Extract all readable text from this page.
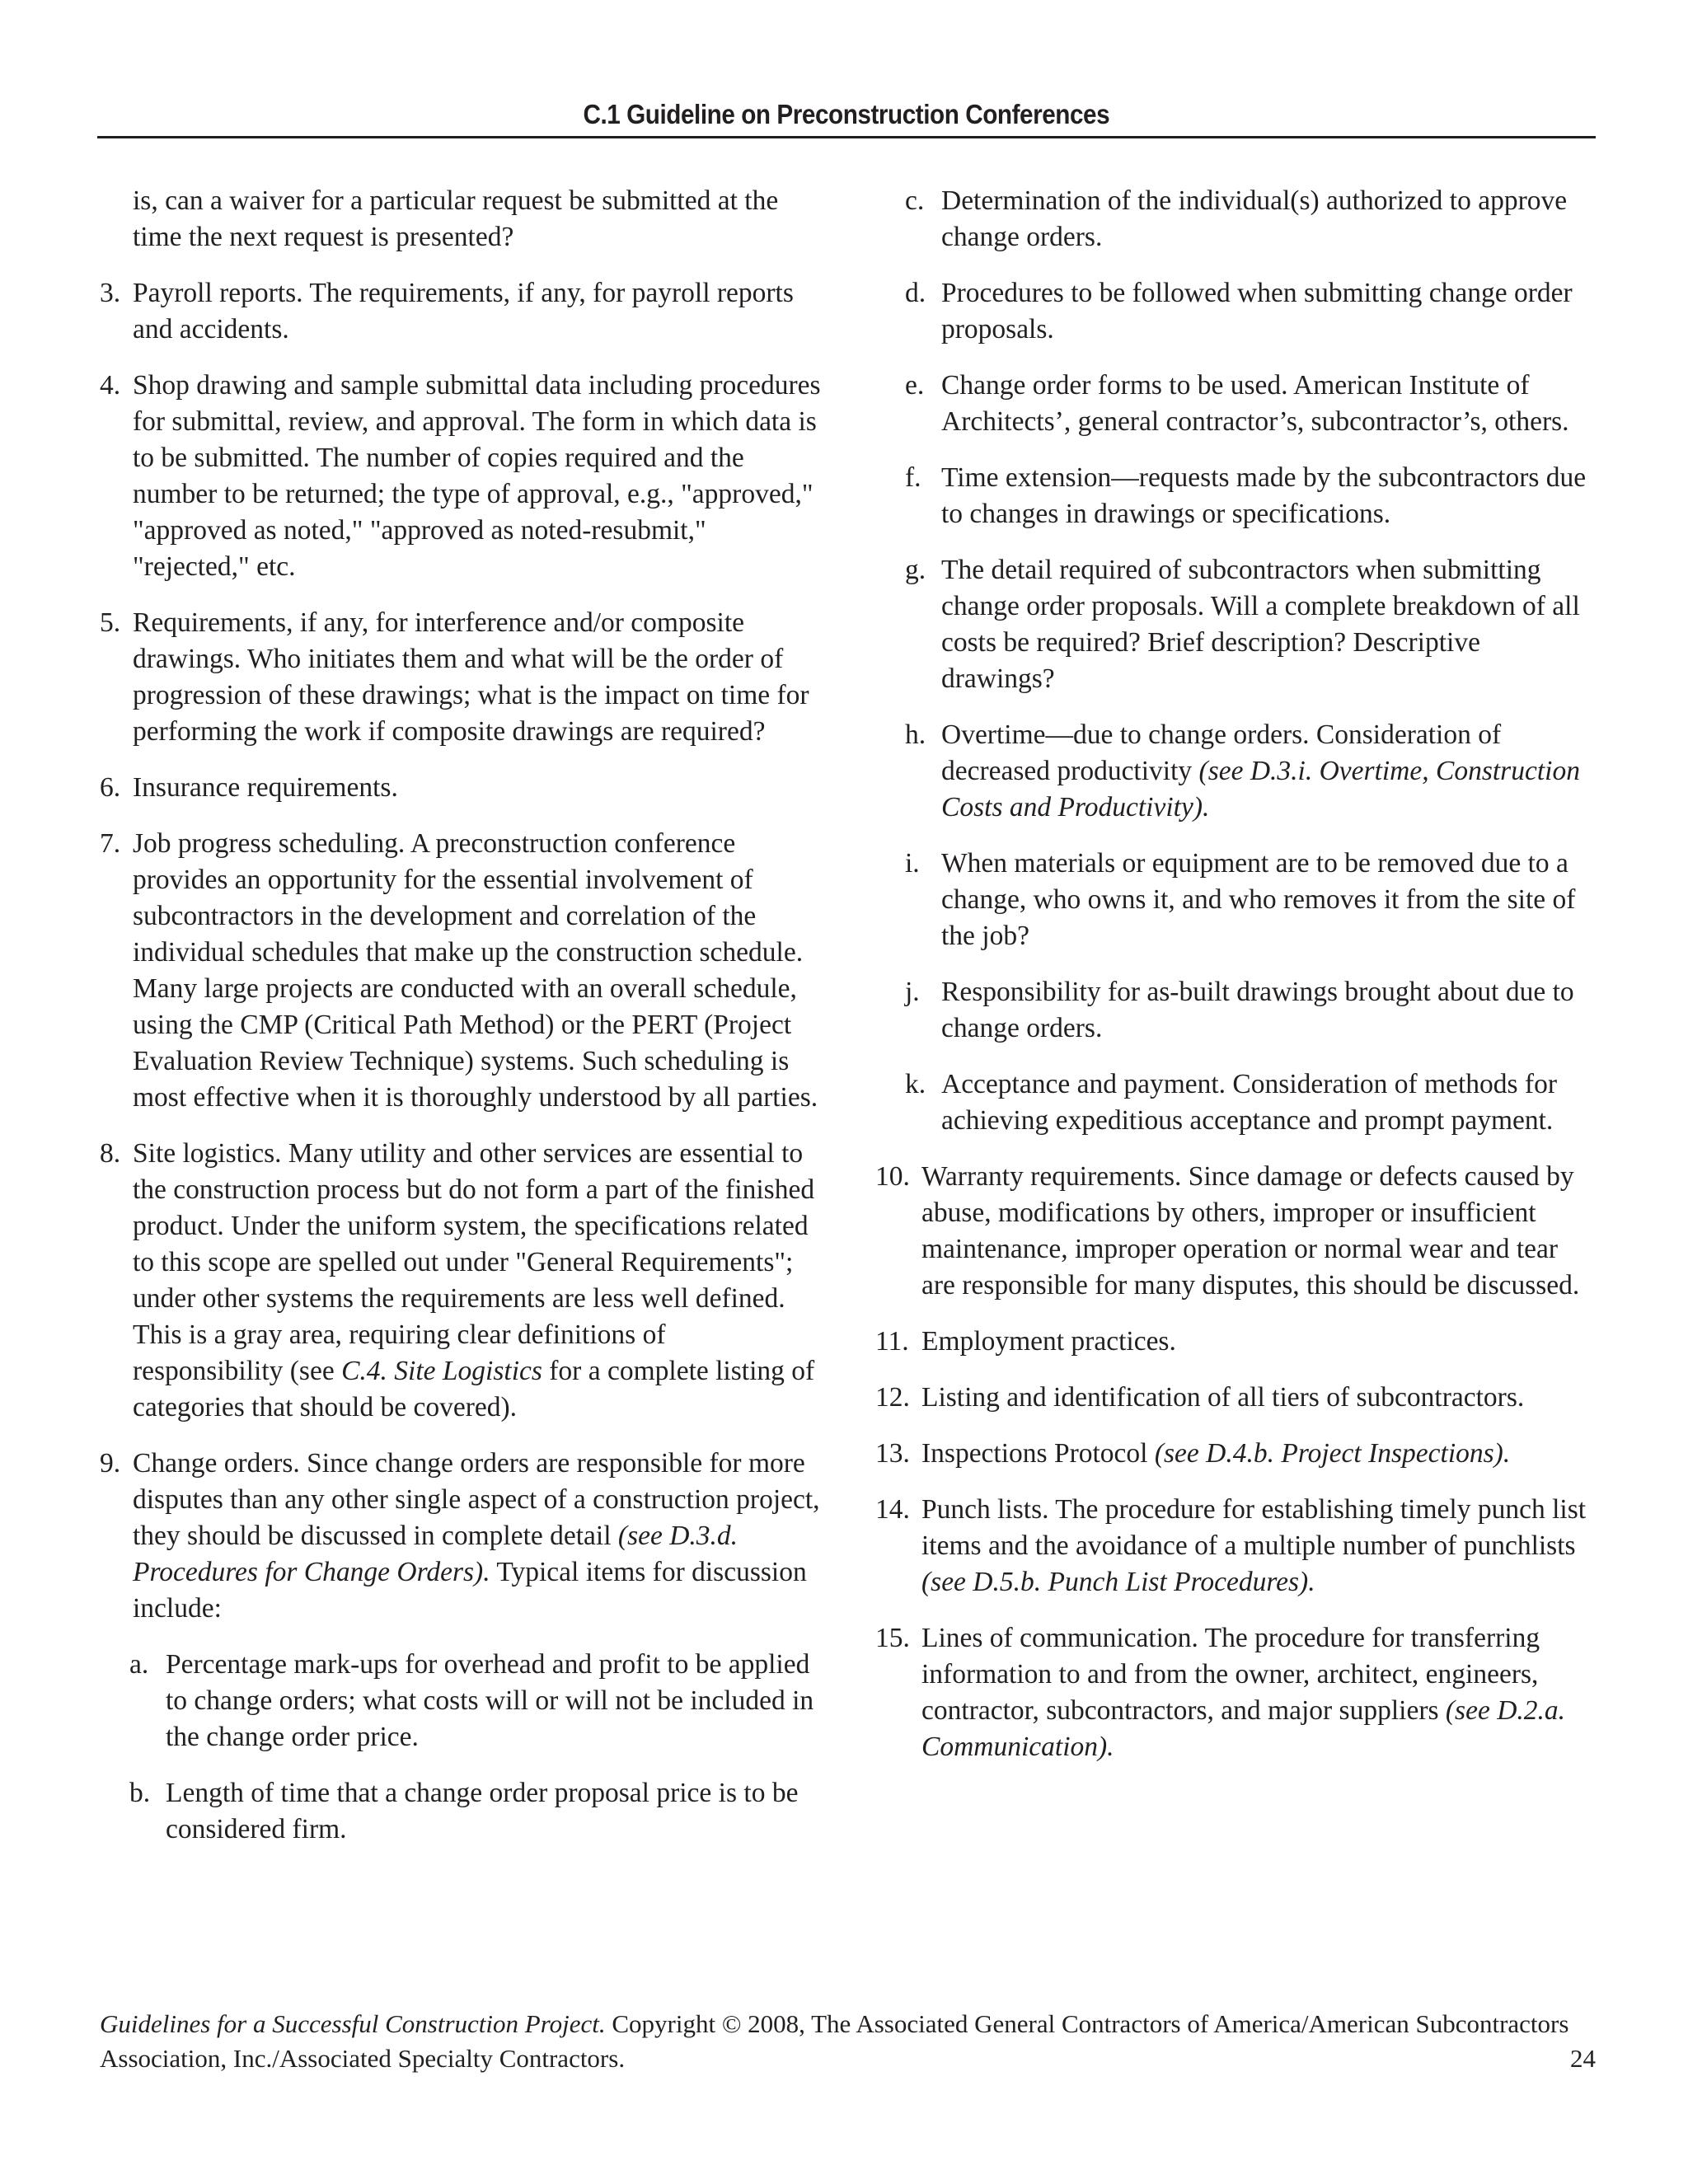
C.1 Guideline on Preconstruction Conferences
is, can a waiver for a particular request be submitted at the time the next request is presented?
3. Payroll reports. The requirements, if any, for payroll reports and accidents.
4. Shop drawing and sample submittal data including procedures for submittal, review, and approval. The form in which data is to be submitted. The number of copies required and the number to be returned; the type of approval, e.g., "approved," "approved as noted," "approved as noted-resubmit," "rejected," etc.
5. Requirements, if any, for interference and/or composite drawings. Who initiates them and what will be the order of progression of these drawings; what is the impact on time for performing the work if composite drawings are required?
6. Insurance requirements.
7. Job progress scheduling. A preconstruction conference provides an opportunity for the essential involvement of subcontractors in the development and correlation of the individual schedules that make up the construction schedule. Many large projects are conducted with an overall schedule, using the CMP (Critical Path Method) or the PERT (Project Evaluation Review Technique) systems. Such scheduling is most effective when it is thoroughly understood by all parties.
8. Site logistics. Many utility and other services are essential to the construction process but do not form a part of the finished product. Under the uniform system, the specifications related to this scope are spelled out under "General Requirements"; under other systems the requirements are less well defined. This is a gray area, requiring clear definitions of responsibility (see C.4. Site Logistics for a complete listing of categories that should be covered).
9. Change orders. Since change orders are responsible for more disputes than any other single aspect of a construction project, they should be discussed in complete detail (see D.3.d. Procedures for Change Orders). Typical items for discussion include:
a. Percentage mark-ups for overhead and profit to be applied to change orders; what costs will or will not be included in the change order price.
b. Length of time that a change order proposal price is to be considered firm.
c. Determination of the individual(s) authorized to approve change orders.
d. Procedures to be followed when submitting change order proposals.
e. Change order forms to be used. American Institute of Architects’, general contractor’s, subcontractor’s, others.
f. Time extension—requests made by the subcontractors due to changes in drawings or specifications.
g. The detail required of subcontractors when submitting change order proposals. Will a complete breakdown of all costs be required? Brief description? Descriptive drawings?
h. Overtime—due to change orders. Consideration of decreased productivity (see D.3.i. Overtime, Construction Costs and Productivity).
i. When materials or equipment are to be removed due to a change, who owns it, and who removes it from the site of the job?
j. Responsibility for as-built drawings brought about due to change orders.
k. Acceptance and payment. Consideration of methods for achieving expeditious acceptance and prompt payment.
10. Warranty requirements. Since damage or defects caused by abuse, modifications by others, improper or insufficient maintenance, improper operation or normal wear and tear are responsible for many disputes, this should be discussed.
11. Employment practices.
12. Listing and identification of all tiers of subcontractors.
13. Inspections Protocol (see D.4.b. Project Inspections).
14. Punch lists. The procedure for establishing timely punch list items and the avoidance of a multiple number of punchlists (see D.5.b. Punch List Procedures).
15. Lines of communication. The procedure for transferring information to and from the owner, architect, engineers, contractor, subcontractors, and major suppliers (see D.2.a. Communication).
Guidelines for a Successful Construction Project. Copyright © 2008, The Associated General Contractors of America/American Subcontractors Association, Inc./Associated Specialty Contractors.	24
